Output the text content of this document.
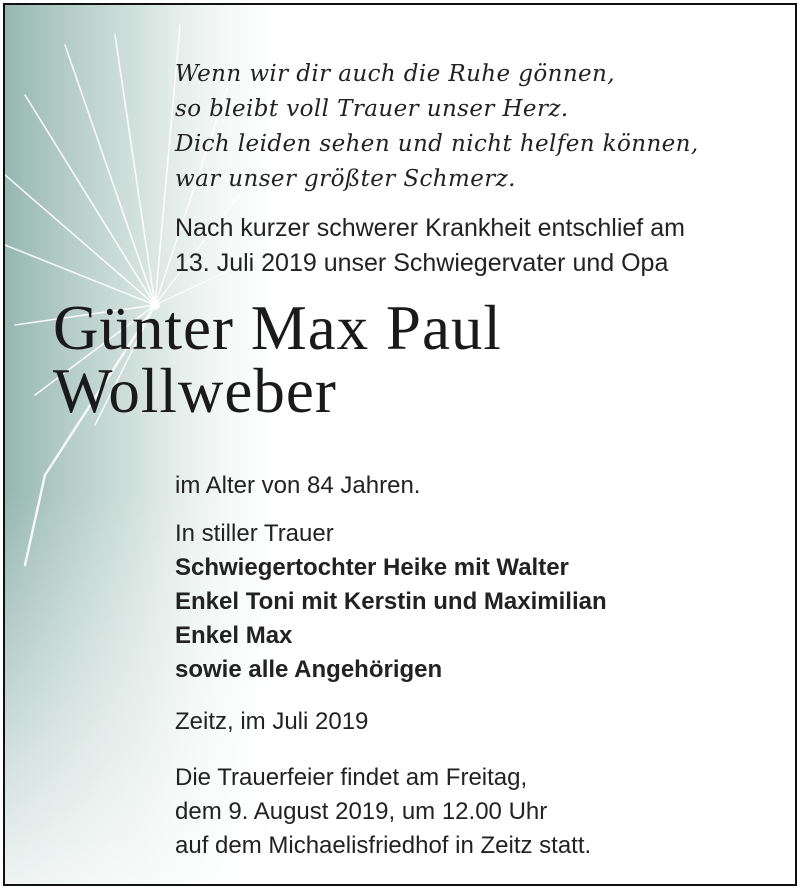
Wenn wir dir auch die Ruhe gönnen,
so bleibt voll Trauer unser Herz.
Dich leiden sehen und nicht helfen können,
war unser größter Schmerz.
Nach kurzer schwerer Krankheit entschlief am
13. Juli 2019 unser Schwiegervater und Opa
Günter Max Paul
Wollweber
im Alter von 84 Jahren.
In stiller Trauer
Schwiegertochter Heike mit Walter
Enkel Toni mit Kerstin und Maximilian
Enkel Max
sowie alle Angehörigen
Zeitz, im Juli 2019
Die Trauerfeier findet am Freitag,
dem 9. August 2019, um 12.00 Uhr
auf dem Michaelisfriedhof in Zeitz statt.
